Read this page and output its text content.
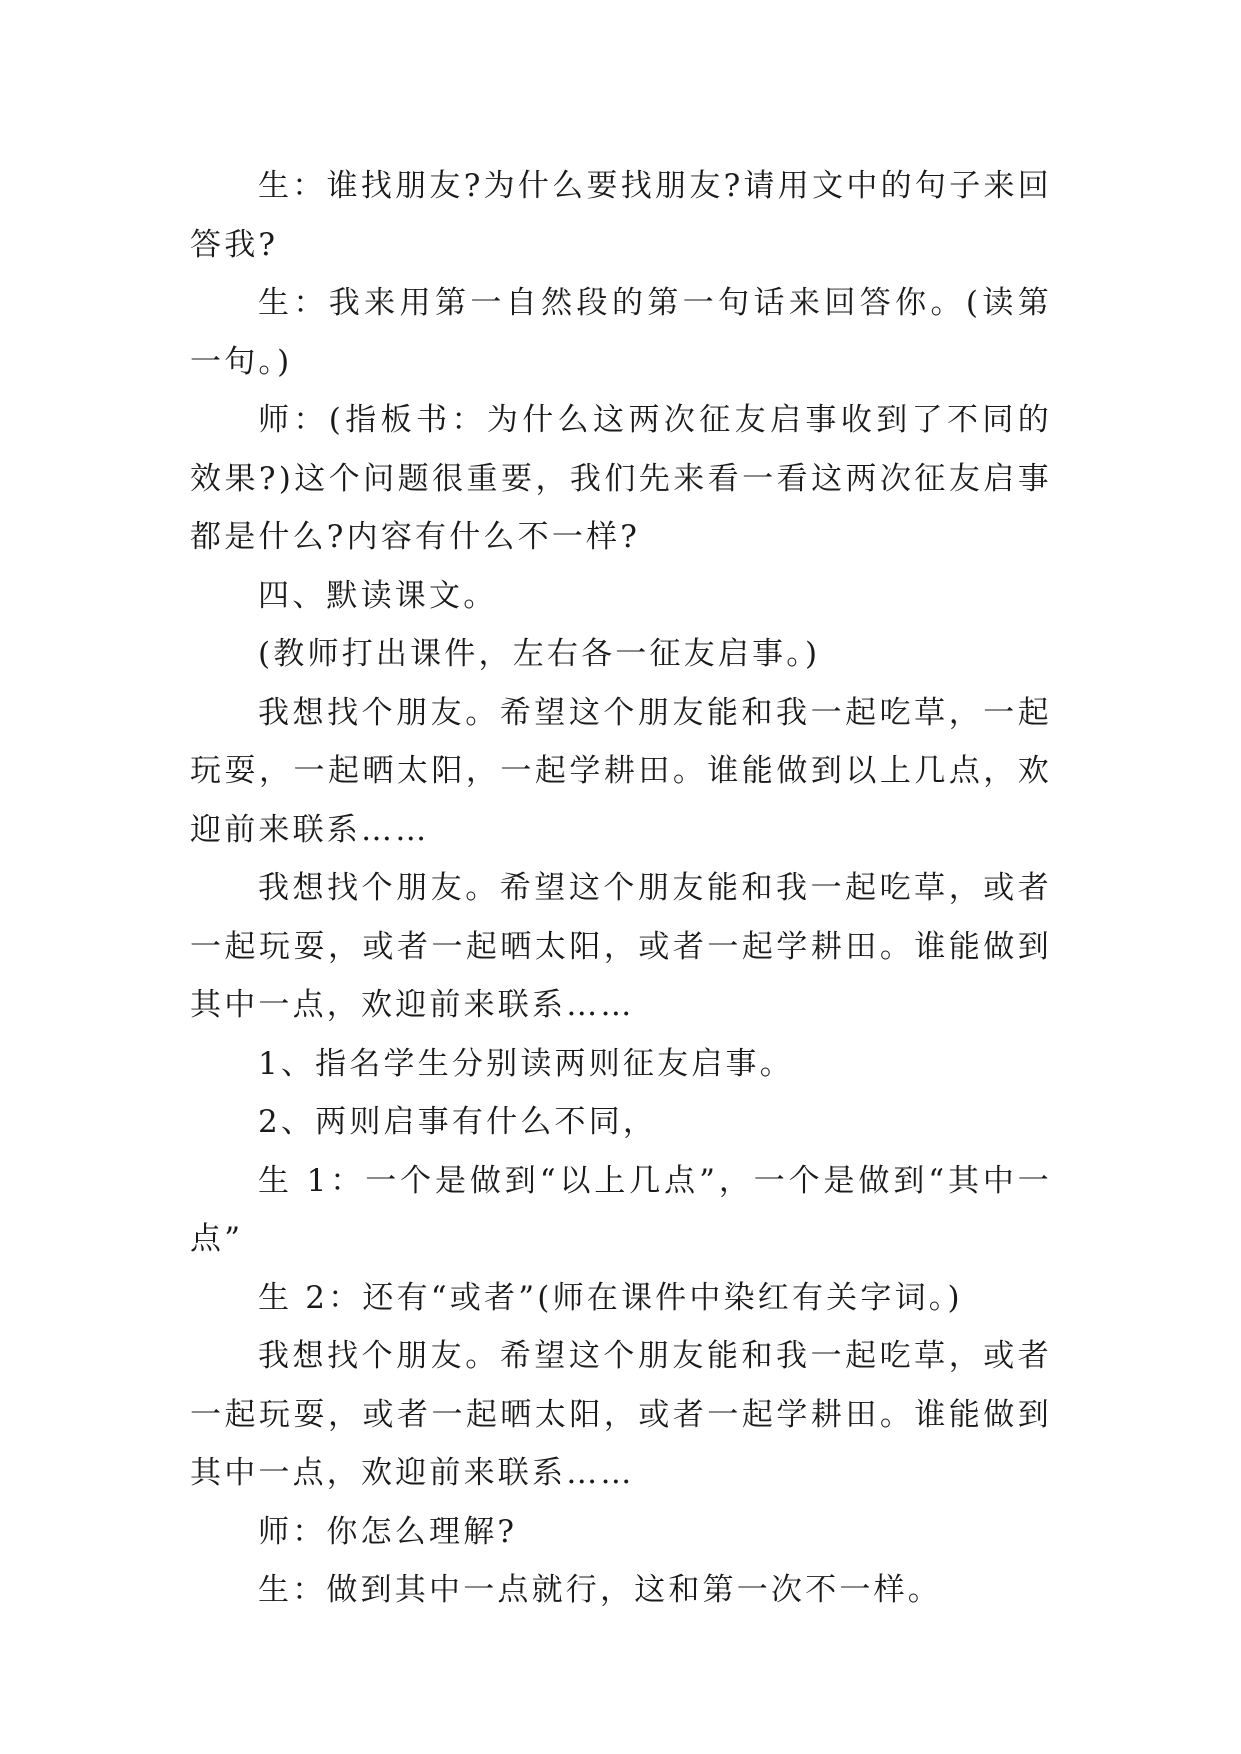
生：谁找朋友?为什么要找朋友?请用文中的句子来回答我?

生：我来用第一自然段的第一句话来回答你。(读第一句。)

师：(指板书：为什么这两次征友启事收到了不同的效果?)这个问题很重要，我们先来看一看这两次征友启事都是什么?内容有什么不一样?

四、默读课文。

(教师打出课件，左右各一征友启事。)

我想找个朋友。希望这个朋友能和我一起吃草，一起玩耍，一起晒太阳，一起学耕田。谁能做到以上几点，欢迎前来联系……

我想找个朋友。希望这个朋友能和我一起吃草，或者一起玩耍，或者一起晒太阳，或者一起学耕田。谁能做到其中一点，欢迎前来联系……

1、指名学生分别读两则征友启事。

2、两则启事有什么不同，

生 1：一个是做到“以上几点”，一个是做到“其中一点”

生 2：还有“或者”(师在课件中染红有关字词。)

我想找个朋友。希望这个朋友能和我一起吃草，或者一起玩耍，或者一起晒太阳，或者一起学耕田。谁能做到其中一点，欢迎前来联系……

师：你怎么理解?

生：做到其中一点就行，这和第一次不一样。
